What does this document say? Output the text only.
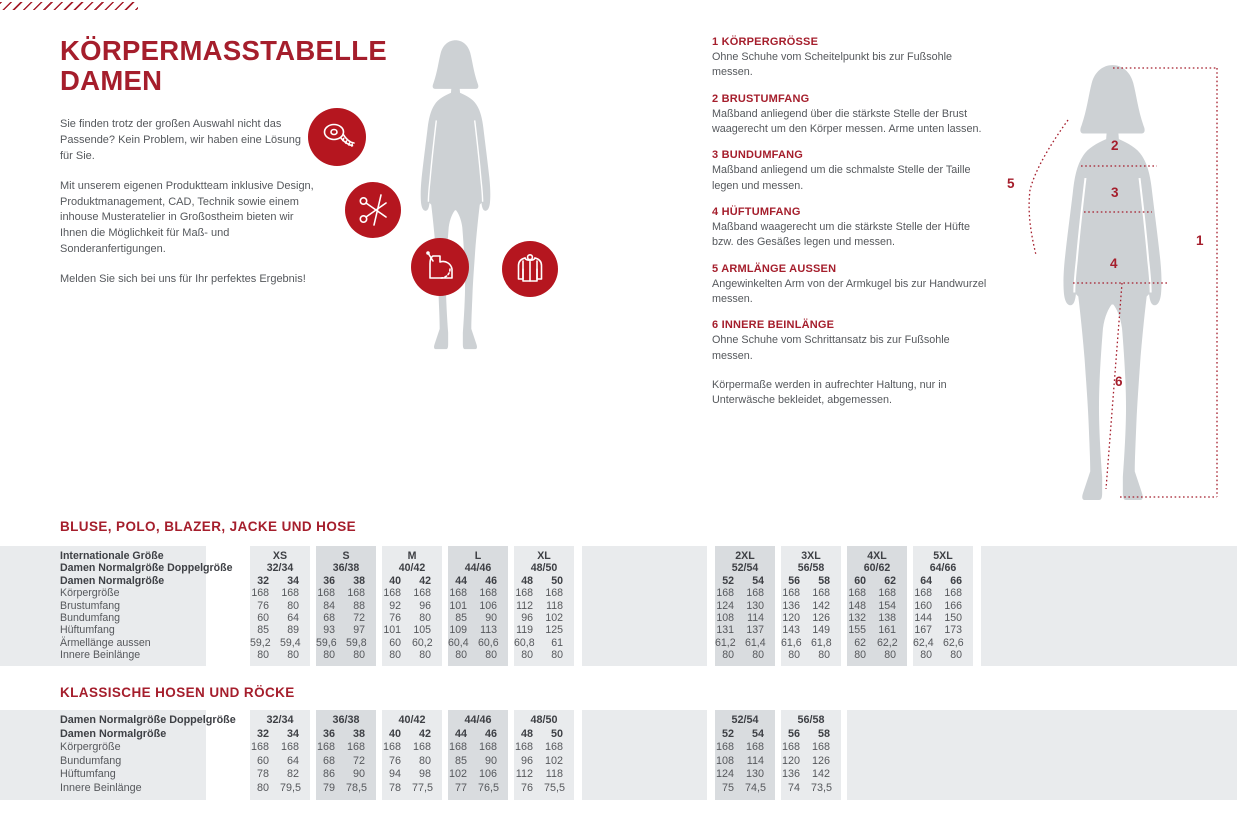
KÖRPERMASSTABELLE DAMEN

Sie finden trotz der großen Auswahl nicht das Passende? Kein Problem, wir haben eine Lösung für Sie.

Mit unserem eigenen Produktteam inklusive Design, Produktmanagement, CAD, Technik sowie einem inhouse Musteratelier in Großostheim bieten wir Ihnen die Möglichkeit für Maß- und Sonderanfertigungen.

Melden Sie sich bei uns für Ihr perfektes Ergebnis!

1 KÖRPERGRÖSSE

Ohne Schuhe vom Scheitelpunkt bis zur Fußsohle messen.

2 BRUSTUMFANG

Maßband anliegend über die stärkste Stelle der Brust waagerecht um den Körper messen. Arme unten lassen.

3 BUNDUMFANG

Maßband anliegend um die schmalste Stelle der Taille legen und messen.

4 HÜFTUMFANG

Maßband waagerecht um die stärkste Stelle der Hüfte bzw. des Gesäßes legen und messen.

5 ARMLÄNGE AUSSEN

Angewinkelten Arm von der Armkugel bis zur Handwurzel messen.

6 INNERE BEINLÄNGE

Ohne Schuhe vom Schrittansatz bis zur Fußsohle messen.

Körpermaße werden in aufrechter Haltung, nur in Unterwäsche bekleidet, abgemessen.

1
2
3
4
5
6
BLUSE, POLO, BLAZER, JACKE UND HOSE
Internationale Größe	XS	S	M	L	XL	2XL	3XL	4XL	5XL
Damen Normalgröße Doppelgröße	32/34	36/38	40/42	44/46	48/50	52/54	56/58	60/62	64/66
Damen Normalgröße	32	34	36	38	40	42	44	46	48	50	52	54	56	58	60	62	64	66
Körpergröße	168	168	168	168	168	168	168	168	168	168	168	168	168	168	168	168	168	168
Brustumfang	76	80	84	88	92	96	101	106	112	118	124	130	136	142	148	154	160	166
Bundumfang	60	64	68	72	76	80	85	90	96	102	108	114	120	126	132	138	144	150
Hüftumfang	85	89	93	97	101	105	109	113	119	125	131	137	143	149	155	161	167	173
Ärmellänge aussen	59,2 59,4	59,6 59,8	60	60,2	60,4 60,6	60,8	61	61,2 61,4	61,6 61,8	62	62,2	62,4 62,6
Innere Beinlänge	80	80	80	80	80	80	80	80	80	80	80	80	80	80	80	80	80	80
KLASSISCHE HOSEN UND RÖCKE
Damen Normalgröße Doppelgröße	32/34	36/38	40/42	44/46	48/50	52/54	56/58
Damen Normalgröße	32	34	36	38	40	42	44	46	48	50	52	54	56	58
Körpergröße	168	168	168	168	168	168	168	168	168	168	168	168	168	168
Bundumfang	60	64	68	72	76	80	85	90	96	102	108	114	120	126
Hüftumfang	78	82	86	90	94	98	102	106	112	118	124	130	136	142
Innere Beinlänge	80	79,5	79	78,5	78	77,5	77	76,5	76	75,5	75	74,5	74	73,5
